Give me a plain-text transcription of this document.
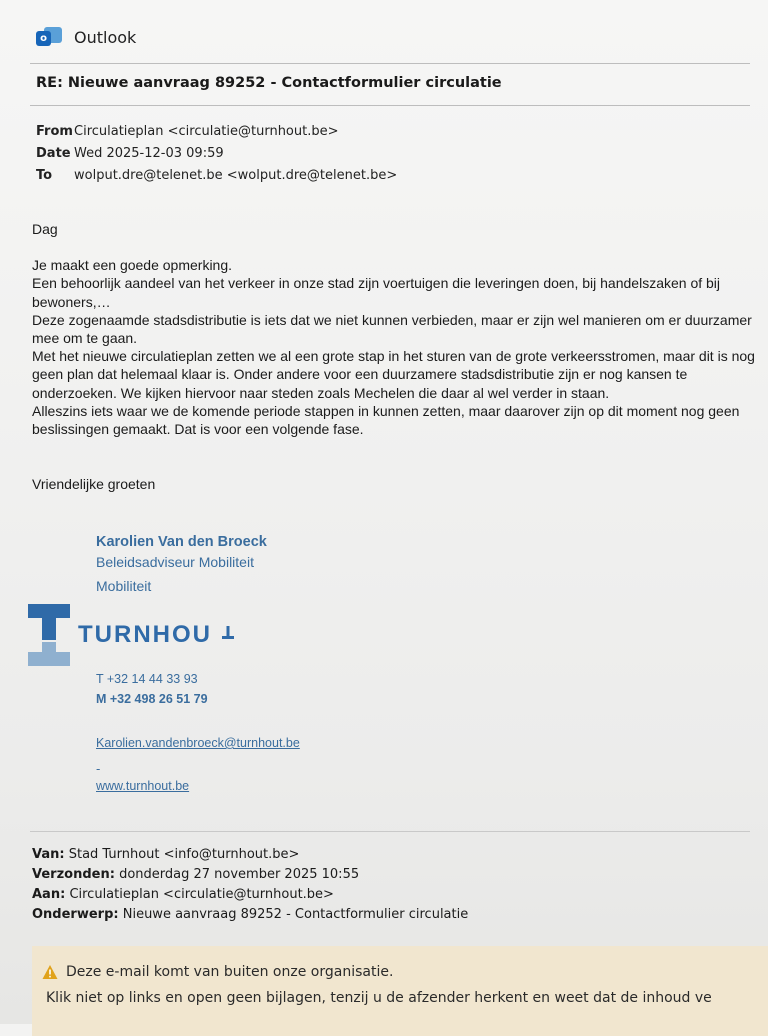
o Outlook
RE: Nieuwe aanvraag 89252 - Contactformulier circulatie
From Circulatieplan <circulatie@turnhout.be>
Date Wed 2025-12-03 09:59
To	wolput.dre@telenet.be <wolput.dre@telenet.be>

Dag

Je maakt een goede opmerking.

Een behoorlijk aandeel van het verkeer in onze stad zijn voertuigen die leveringen doen, bij handelszaken of bij bewoners,…

Deze zogenaamde stadsdistributie is iets dat we niet kunnen verbieden, maar er zijn wel manieren om er duurzamer mee om te gaan.

Met het nieuwe circulatieplan zetten we al een grote stap in het sturen van de grote verkeersstromen, maar dit is nog geen plan dat helemaal klaar is. Onder andere voor een duurzamere stadsdistributie zijn er nog kansen te onderzoeken. We kijken hiervoor naar steden zoals Mechelen die daar al wel verder in staan.

Alleszins iets waar we de komende periode stappen in kunnen zetten, maar daarover zijn op dit moment nog geen beslissingen gemaakt. Dat is voor een volgende fase.

Vriendelijke groeten
Karolien Van den Broeck
Beleidsadviseur Mobiliteit
Mobiliteit
TURNHOU
T +32 14 44 33 93
M +32 498 26 51 79
Karolien.vandenbroeck@turnhout.be
-
www.turnhout.be
Van: Stad Turnhout <info@turnhout.be>
Verzonden: donderdag 27 november 2025 10:55
Aan: Circulatieplan <circulatie@turnhout.be>
Onderwerp: Nieuwe aanvraag 89252 - Contactformulier circulatie
Deze e-mail komt van buiten onze organisatie.
Klik niet op links en open geen bijlagen, tenzij u de afzender herkent en weet dat de inhoud ve
